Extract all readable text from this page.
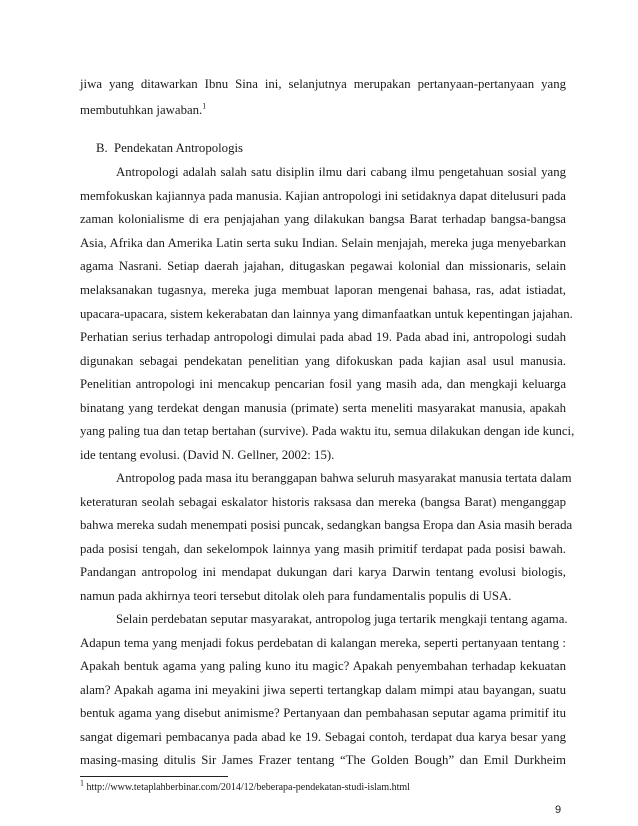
jiwa yang ditawarkan Ibnu Sina ini, selanjutnya merupakan pertanyaan-pertanyaan yang
membutuhkan jawaban.$^1$
B. Pendekatan Antropologis
Antropologi adalah salah satu disiplin ilmu dari cabang ilmu pengetahuan sosial yang
memfokuskan kajiannya pada manusia. Kajian antropologi ini setidaknya dapat ditelusuri pada
zaman kolonialisme di era penjajahan yang dilakukan bangsa Barat terhadap bangsa-bangsa
Asia, Afrika dan Amerika Latin serta suku Indian. Selain menjajah, mereka juga menyebarkan
agama Nasrani. Setiap daerah jajahan, ditugaskan pegawai kolonial dan missionaris, selain
melaksanakan tugasnya, mereka juga membuat laporan mengenai bahasa, ras, adat istiadat,
upacara-upacara, sistem kekerabatan dan lainnya yang dimanfaatkan untuk kepentingan jajahan.
Perhatian serius terhadap antropologi dimulai pada abad 19. Pada abad ini, antropologi sudah
digunakan sebagai pendekatan penelitian yang difokuskan pada kajian asal usul manusia.
Penelitian antropologi ini mencakup pencarian fosil yang masih ada, dan mengkaji keluarga
binatang yang terdekat dengan manusia (primate) serta meneliti masyarakat manusia, apakah
yang paling tua dan tetap bertahan (survive). Pada waktu itu, semua dilakukan dengan ide kunci,
ide tentang evolusi. (David N. Gellner, 2002: 15).
Antropolog pada masa itu beranggapan bahwa seluruh masyarakat manusia tertata dalam
keteraturan seolah sebagai eskalator historis raksasa dan mereka (bangsa Barat) menganggap
bahwa mereka sudah menempati posisi puncak, sedangkan bangsa Eropa dan Asia masih berada
pada posisi tengah, dan sekelompok lainnya yang masih primitif terdapat pada posisi bawah.
Pandangan antropolog ini mendapat dukungan dari karya Darwin tentang evolusi biologis,
namun pada akhirnya teori tersebut ditolak oleh para fundamentalis populis di USA.
Selain perdebatan seputar masyarakat, antropolog juga tertarik mengkaji tentang agama.
Adapun tema yang menjadi fokus perdebatan di kalangan mereka, seperti pertanyaan tentang :
Apakah bentuk agama yang paling kuno itu magic? Apakah penyembahan terhadap kekuatan
alam? Apakah agama ini meyakini jiwa seperti tertangkap dalam mimpi atau bayangan, suatu
bentuk agama yang disebut animisme? Pertanyaan dan pembahasan seputar agama primitif itu
sangat digemari pembacanya pada abad ke 19. Sebagai contoh, terdapat dua karya besar yang
masing-masing ditulis Sir James Frazer tentang “The Golden Bough” dan Emil Durkheim
$^1$ http://www.tetaplahberbinar.com/2014/12/beberapa-pendekatan-studi-islam.html
9
